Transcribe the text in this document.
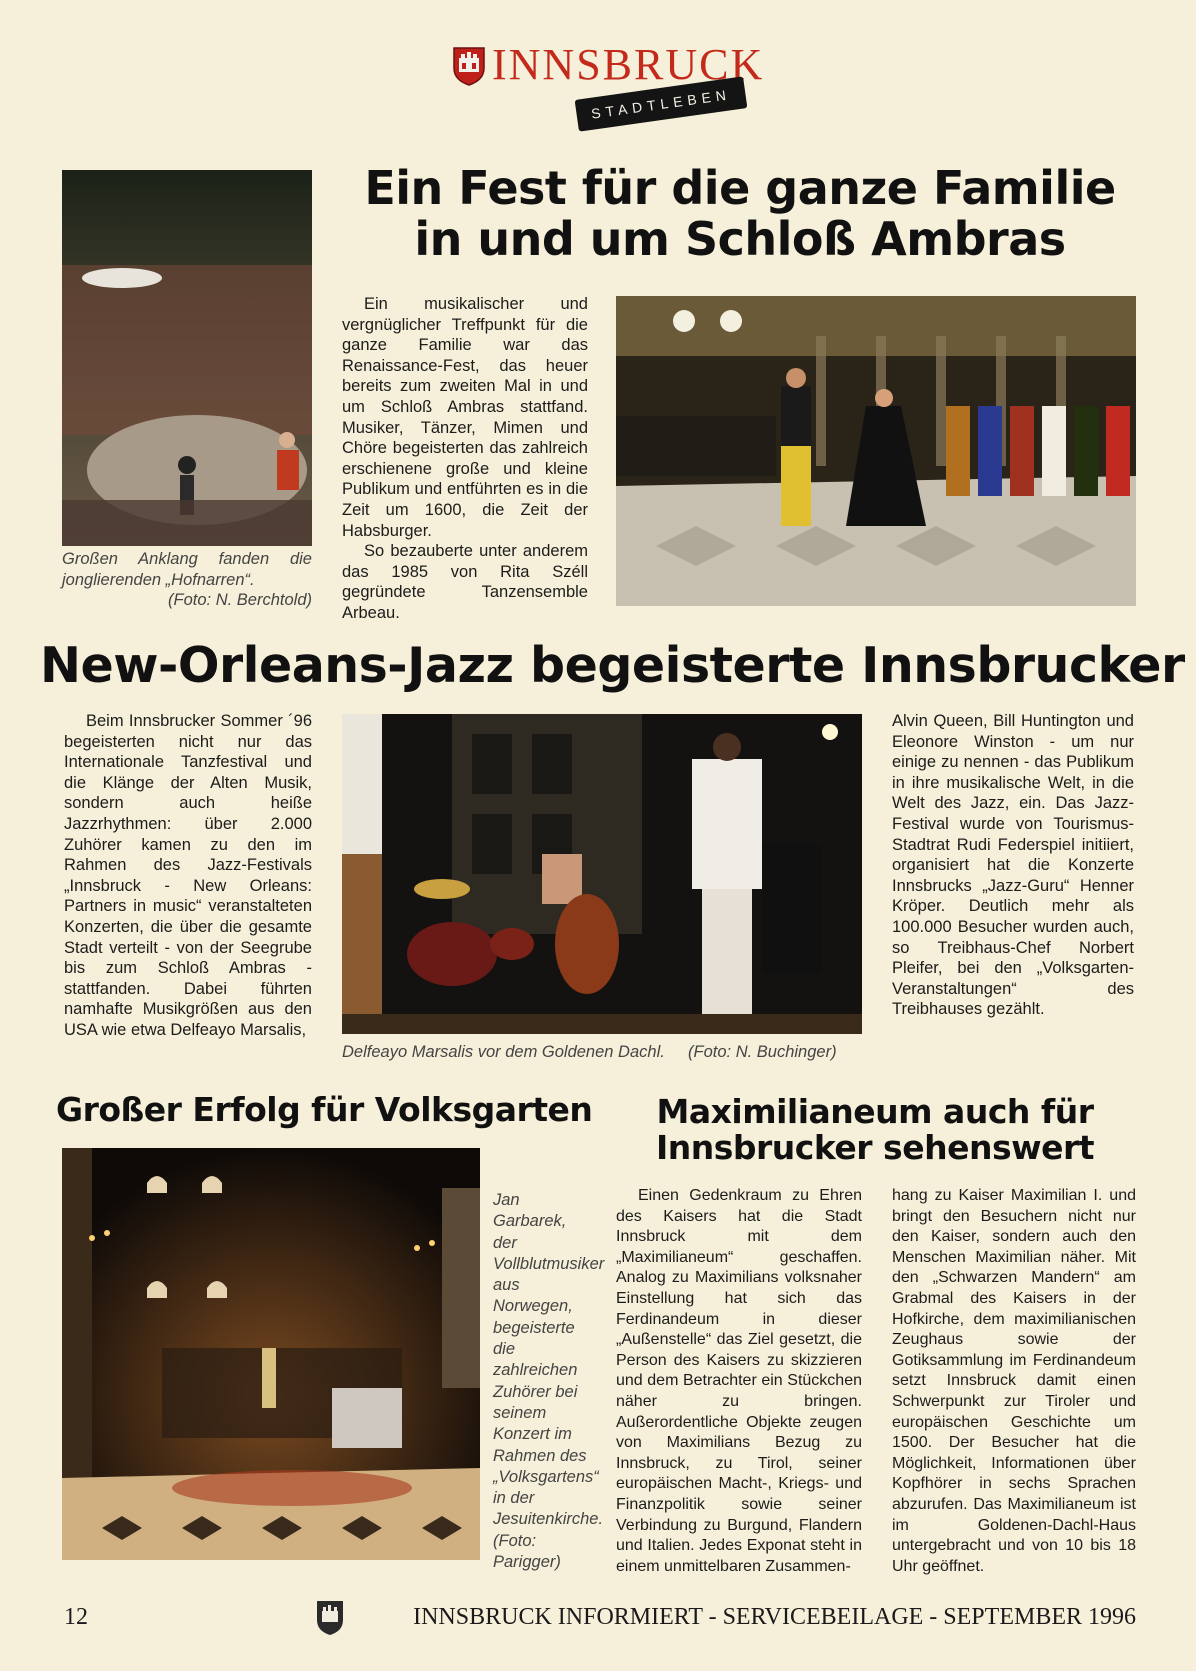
INNSBRUCK
STADTLEBEN
Großen Anklang fanden die
jonglierenden „Hofnarren“.
(Foto: N. Berchtold)
Ein Fest für die ganze Familie
in und um Schloß Ambras

Ein musikalischer und vergnüglicher Treffpunkt für die ganze Familie war das Renaissance-Fest, das heuer bereits zum zweiten Mal in und um Schloß Ambras stattfand. Musiker, Tänzer, Mimen und Chöre begeisterten das zahlreich erschienene große und kleine Publikum und entführten es in die Zeit um 1600, die Zeit der Habsburger.

So bezauberte unter anderem das 1985 von Rita Széll gegründete Tanzensemble Arbeau.

New-Orleans-Jazz begeisterte Innsbrucker

Beim Innsbrucker Sommer ´96 begeisterten nicht nur das Internationale Tanzfestival und die Klänge der Alten Musik, sondern auch heiße Jazzrhythmen: über 2.000 Zuhörer kamen zu den im Rahmen des Jazz-Festivals „Innsbruck - New Orleans: Partners in music“ veranstalteten Konzerten, die über die gesamte Stadt verteilt - von der Seegrube bis zum Schloß Ambras - stattfanden. Dabei führten namhafte Musikgrößen aus den USA wie etwa Delfeayo Marsalis,

Delfeayo Marsalis vor dem Goldenen Dachl. (Foto: N. Buchinger)

Alvin Queen, Bill Huntington und Eleonore Winston - um nur einige zu nennen - das Publikum in ihre musikalische Welt, in die Welt des Jazz, ein. Das Jazz-Festival wurde von Tourismus-Stadtrat Rudi Federspiel initiiert, organisiert hat die Konzerte Innsbrucks „Jazz-Guru“ Henner Kröper. Deutlich mehr als 100.000 Besucher wurden auch, so Treibhaus-Chef Norbert Pleifer, bei den „Volksgarten-Veranstaltungen“ des Treibhauses gezählt.

Großer Erfolg für Volksgarten
Jan Garbarek, der Vollblutmusiker aus Norwegen, begeisterte die zahlreichen Zuhörer bei seinem Konzert im Rahmen des „Volksgartens“ in der Jesuitenkirche. (Foto: Parigger)
Maximilianeum auch für
Innsbrucker sehenswert

Einen Gedenkraum zu Ehren des Kaisers hat die Stadt Innsbruck mit dem „Maximilianeum“ geschaffen. Analog zu Maximilians volksnaher Einstellung hat sich das Ferdinandeum in dieser „Außenstelle“ das Ziel gesetzt, die Person des Kaisers zu skizzieren und dem Betrachter ein Stückchen näher zu bringen. Außerordentliche Objekte zeugen von Maximilians Bezug zu Innsbruck, zu Tirol, seiner europäischen Macht-, Kriegs- und Finanzpolitik sowie seiner Verbindung zu Burgund, Flandern und Italien. Jedes Exponat steht in einem unmittelbaren Zusammen-

hang zu Kaiser Maximilian I. und bringt den Besuchern nicht nur den Kaiser, sondern auch den Menschen Maximilian näher. Mit den „Schwarzen Mandern“ am Grabmal des Kaisers in der Hofkirche, dem maximilianischen Zeughaus sowie der Gotiksammlung im Ferdinandeum setzt Innsbruck damit einen Schwerpunkt zur Tiroler und europäischen Geschichte um 1500. Der Besucher hat die Möglichkeit, Informationen über Kopfhörer in sechs Sprachen abzurufen. Das Maximilianeum ist im Goldenen-Dachl-Haus untergebracht und von 10 bis 18 Uhr geöffnet.

12	INNSBRUCK INFORMIERT - SERVICEBEILAGE - SEPTEMBER 1996
